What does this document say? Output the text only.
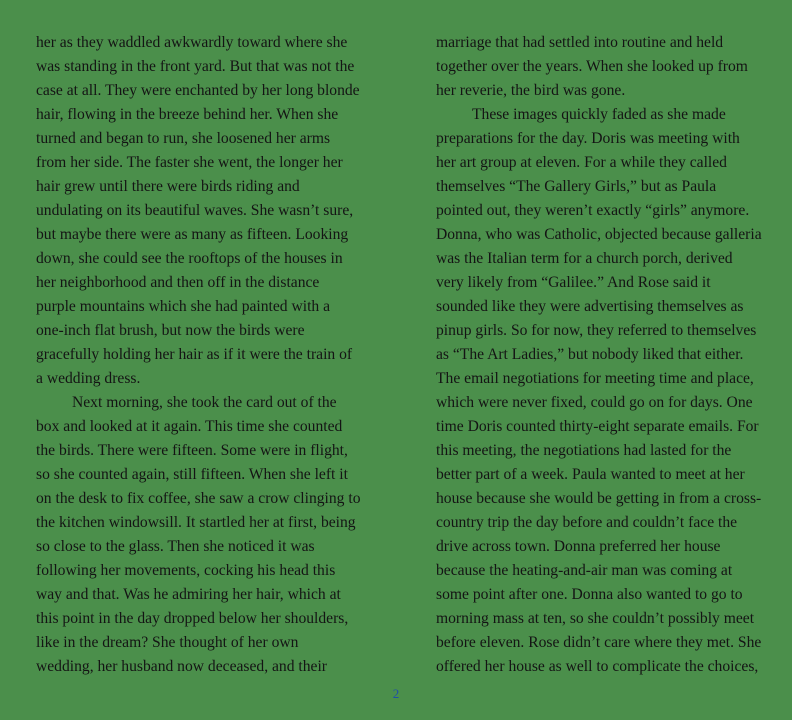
her as they waddled awkwardly toward where she
was standing in the front yard. But that was not the
case at all. They were enchanted by her long blonde
hair, flowing in the breeze behind her. When she
turned and began to run, she loosened her arms
from her side. The faster she went, the longer her
hair grew until there were birds riding and
undulating on its beautiful waves. She wasn’t sure,
but maybe there were as many as fifteen. Looking
down, she could see the rooftops of the houses in
her neighborhood and then off in the distance
purple mountains which she had painted with a
one-inch flat brush, but now the birds were
gracefully holding her hair as if it were the train of
a wedding dress.
Next morning, she took the card out of the
box and looked at it again. This time she counted
the birds. There were fifteen. Some were in flight,
so she counted again, still fifteen. When she left it
on the desk to fix coffee, she saw a crow clinging to
the kitchen windowsill. It startled her at first, being
so close to the glass. Then she noticed it was
following her movements, cocking his head this
way and that. Was he admiring her hair, which at
this point in the day dropped below her shoulders,
like in the dream? She thought of her own
wedding, her husband now deceased, and their
marriage that had settled into routine and held
together over the years. When she looked up from
her reverie, the bird was gone.
These images quickly faded as she made
preparations for the day. Doris was meeting with
her art group at eleven. For a while they called
themselves “The Gallery Girls,” but as Paula
pointed out, they weren’t exactly “girls” anymore.
Donna, who was Catholic, objected because galleria
was the Italian term for a church porch, derived
very likely from “Galilee.” And Rose said it
sounded like they were advertising themselves as
pinup girls. So for now, they referred to themselves
as “The Art Ladies,” but nobody liked that either.
The email negotiations for meeting time and place,
which were never fixed, could go on for days. One
time Doris counted thirty-eight separate emails. For
this meeting, the negotiations had lasted for the
better part of a week. Paula wanted to meet at her
house because she would be getting in from a cross-
country trip the day before and couldn’t face the
drive across town. Donna preferred her house
because the heating-and-air man was coming at
some point after one. Donna also wanted to go to
morning mass at ten, so she couldn’t possibly meet
before eleven. Rose didn’t care where they met. She
offered her house as well to complicate the choices,
2
